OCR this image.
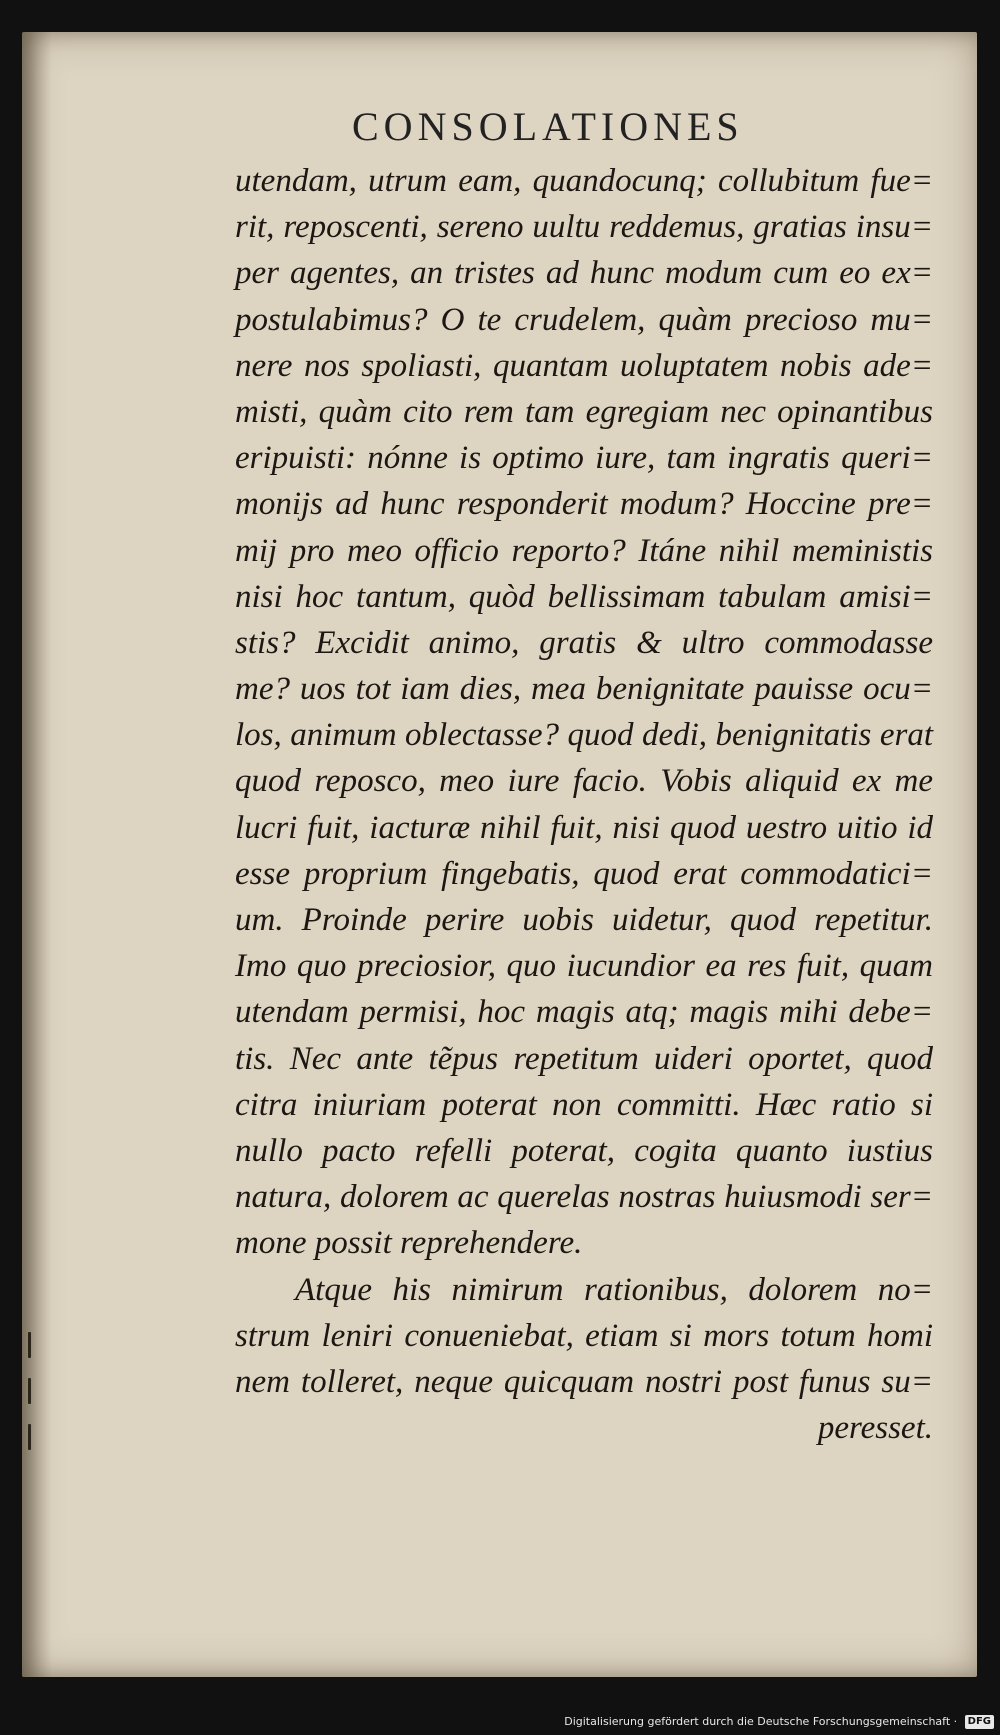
CONSOLATIONES
utendam, utrum eam, quandocunq; collubitum fue=
rit, reposcenti, sereno uultu reddemus, gratias insu=
per agentes, an tristes ad hunc modum cum eo ex=
postulabimus? O te crudelem, quàm precioso mu=
nere nos spoliasti, quantam uoluptatem nobis ade=
misti, quàm cito rem tam egregiam nec opinantibus
eripuisti: nónne is optimo iure, tam ingratis queri=
monijs ad hunc responderit modum? Hoccine pre=
mij pro meo officio reporto? Itáne nihil meministis
nisi hoc tantum, quòd bellissimam tabulam amisi=
stis? Excidit animo, gratis & ultro commodasse
me? uos tot iam dies, mea benignitate pauisse ocu=
los, animum oblectasse? quod dedi, benignitatis erat
quod reposco, meo iure facio. Vobis aliquid ex me
lucri fuit, iacturæ nihil fuit, nisi quod uestro uitio id
esse proprium fingebatis, quod erat commodatici=
um. Proinde perire uobis uidetur, quod repetitur.
Imo quo preciosior, quo iucundior ea res fuit, quam
utendam permisi, hoc magis atq; magis mihi debe=
tis. Nec ante tẽpus repetitum uideri oportet, quod
citra iniuriam poterat non committi. Hæc ratio si
nullo pacto refelli poterat, cogita quanto iustius
natura, dolorem ac querelas nostras huiusmodi ser=
mone possit reprehendere.
Atque his nimirum rationibus, dolorem no=
strum leniri conueniebat, etiam si mors totum homi
nem tolleret, neque quicquam nostri post funus su=
peresset.
Digitalisierung gefördert durch die Deutsche Forschungsgemeinschaft · DFG
